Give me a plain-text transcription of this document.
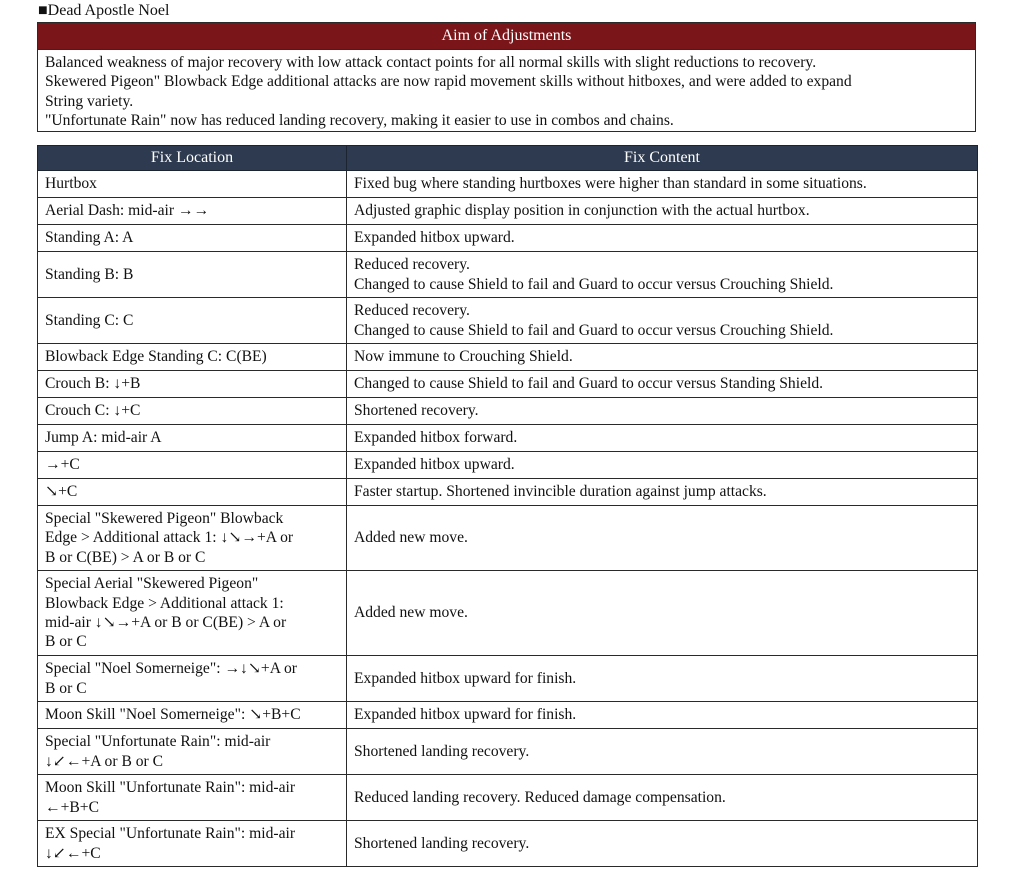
■Dead Apostle Noel
Aim of Adjustments
Balanced weakness of major recovery with low attack contact points for all normal skills with slight reductions to recovery.
Skewered Pigeon" Blowback Edge additional attacks are now rapid movement skills without hitboxes, and were added to expand
String variety.
"Unfortunate Rain" now has reduced landing recovery, making it easier to use in combos and chains.
Fix Location	Fix Content
Hurtbox	Fixed bug where standing hurtboxes were higher than standard in some situations.
Aerial Dash: mid-air →→	Adjusted graphic display position in conjunction with the actual hurtbox.
Standing A: A	Expanded hitbox upward.
Standing B: B	Reduced recovery.
Changed to cause Shield to fail and Guard to occur versus Crouching Shield.
Standing C: C	Reduced recovery.
Changed to cause Shield to fail and Guard to occur versus Crouching Shield.
Blowback Edge Standing C: C(BE)	Now immune to Crouching Shield.
Crouch B: ↓+B	Changed to cause Shield to fail and Guard to occur versus Standing Shield.
Crouch C: ↓+C	Shortened recovery.
Jump A: mid-air A	Expanded hitbox forward.
→+C	Expanded hitbox upward.
↘+C	Faster startup. Shortened invincible duration against jump attacks.
Special "Skewered Pigeon" Blowback
Edge > Additional attack 1: ↓↘→+A or
B or C(BE) > A or B or C	Added new move.
Special Aerial "Skewered Pigeon"
Blowback Edge > Additional attack 1:
mid-air ↓↘→+A or B or C(BE) > A or
B or C	Added new move.
Special "Noel Somerneige": →↓↘+A or
B or C	Expanded hitbox upward for finish.
Moon Skill "Noel Somerneige": ↘+B+C	Expanded hitbox upward for finish.
Special "Unfortunate Rain": mid-air
↓↙←+A or B or C	Shortened landing recovery.
Moon Skill "Unfortunate Rain": mid-air
←+B+C	Reduced landing recovery. Reduced damage compensation.
EX Special "Unfortunate Rain": mid-air
↓↙←+C	Shortened landing recovery.
